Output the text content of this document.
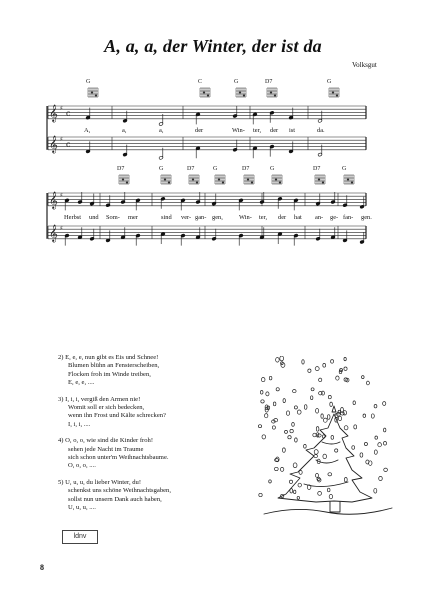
A, a, a, der Winter, der ist da
Volksgut
G	C	G	D7	G
A,	a,	a,	der	Win- ter, der ist	da.
D7	G	D7	G	D7	G	D7	G
Herbst und Som- mer	sind ver- gan- gen,	Win- ter, der hat an- ge- fan- gen.
𝄞 ♯
c
𝄞 ♯
c
𝄞 ♯
𝄞 ♯
2) E, e, e, nun gibt es Eis und Schnee!
Blumen blühn an Fensterscheiben,
Flocken froh im Winde treiben,
E, e, e, ....
3) I, i, i, vergiß den Armen nie!
Womit soll er sich bedecken,
wenn ihn Frost und Kälte schrecken?
I, i, i, ....
4) O, o, o, wie sind die Kinder froh!
sehen jede Nacht im Traume
sich schon unter'm Weihnachtsbaume.
O, o, o, ....
5) U, u, u, du lieber Winter, du!
schenkst uns schöne Weihnachtsgaben,
sollst nun unsern Dank auch haben,
U, u, u, ....
ldnv
8
